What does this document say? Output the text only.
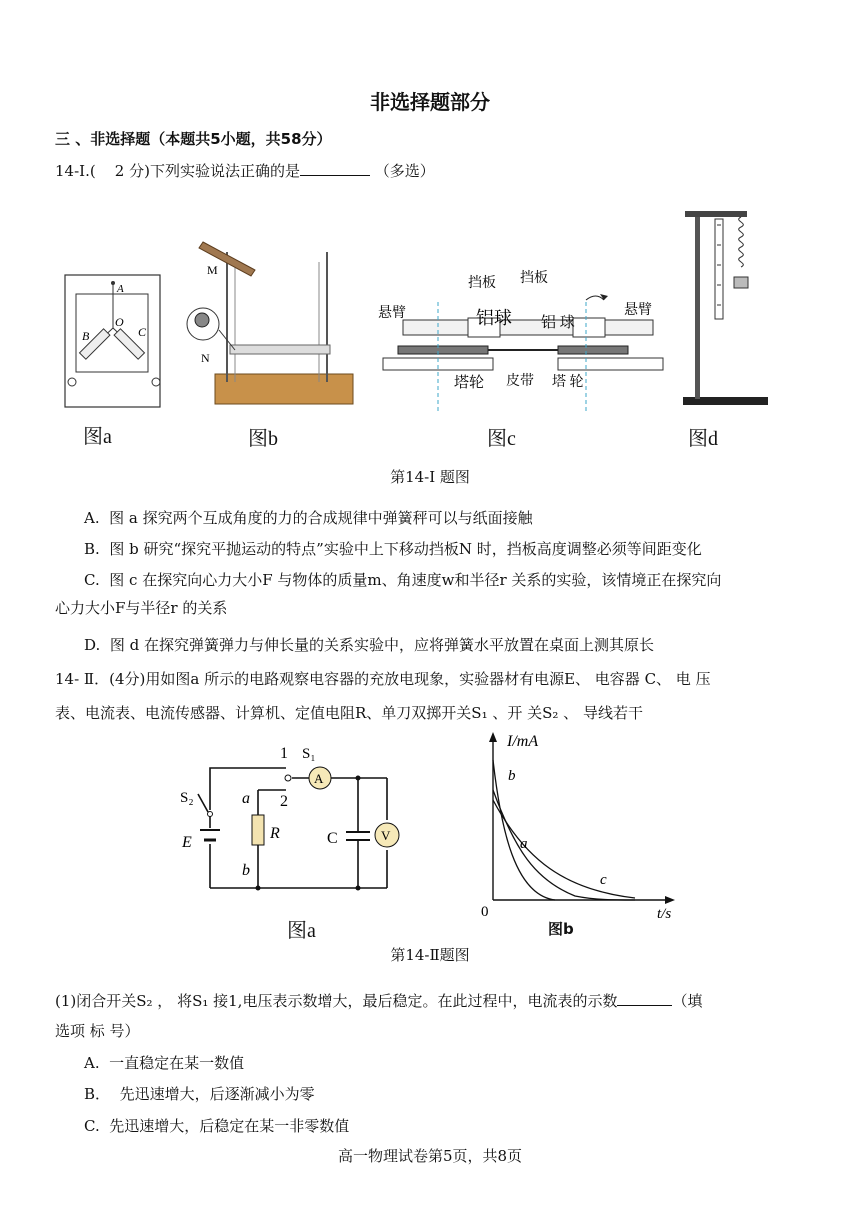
非选择题部分
三 、非选择题（本题共5小题，共58分）
14-I.( 2 分)下列实验说法正确的是	（多选）
A
O
B	C
图a
M
N
图b
挡板 挡板
悬臂	悬臂
铝球 铝 球
塔轮 皮带 塔 轮
图c	图d
第14-I 题图
A. 图 a 探究两个互成角度的力的合成规律中弹簧秤可以与纸面接触
B. 图 b 研究“探究平抛运动的特点”实验中上下移动挡板N 时，挡板高度调整必须等间距变化
C. 图 c 在探究向心力大小F 与物体的质量m、角速度w和半径r 关系的实验，该情境正在探究向
心力大小F与半径r 的关系
D. 图 d 在探究弹簧弹力与伸长量的关系实验中，应将弹簧水平放置在桌面上测其原长
14- Ⅱ．(4分)用如图a 所示的电路观察电容器的充放电现象，实验器材有电源E、 电容器 C、 电 压
表、电流表、电流传感器、计算机、定值电阻R、单刀双掷开关S₁ 、开 关S₂ 、 导线若干
1 S₁
S₂	a 2
E
R
b
C
A
V
图a
I/mA
t/s
0
b
a
c
图b
第14-Ⅱ题图
(1)闭合开关S₂ ， 将S₁ 接1,电压表示数增大，最后稳定。在此过程中，电流表的示数	（填
选项 标 号）
A. 一直稳定在某一数值
B． 先迅速增大，后逐渐减小为零
C. 先迅速增大，后稳定在某一非零数值
高一物理试卷第5页，共8页
